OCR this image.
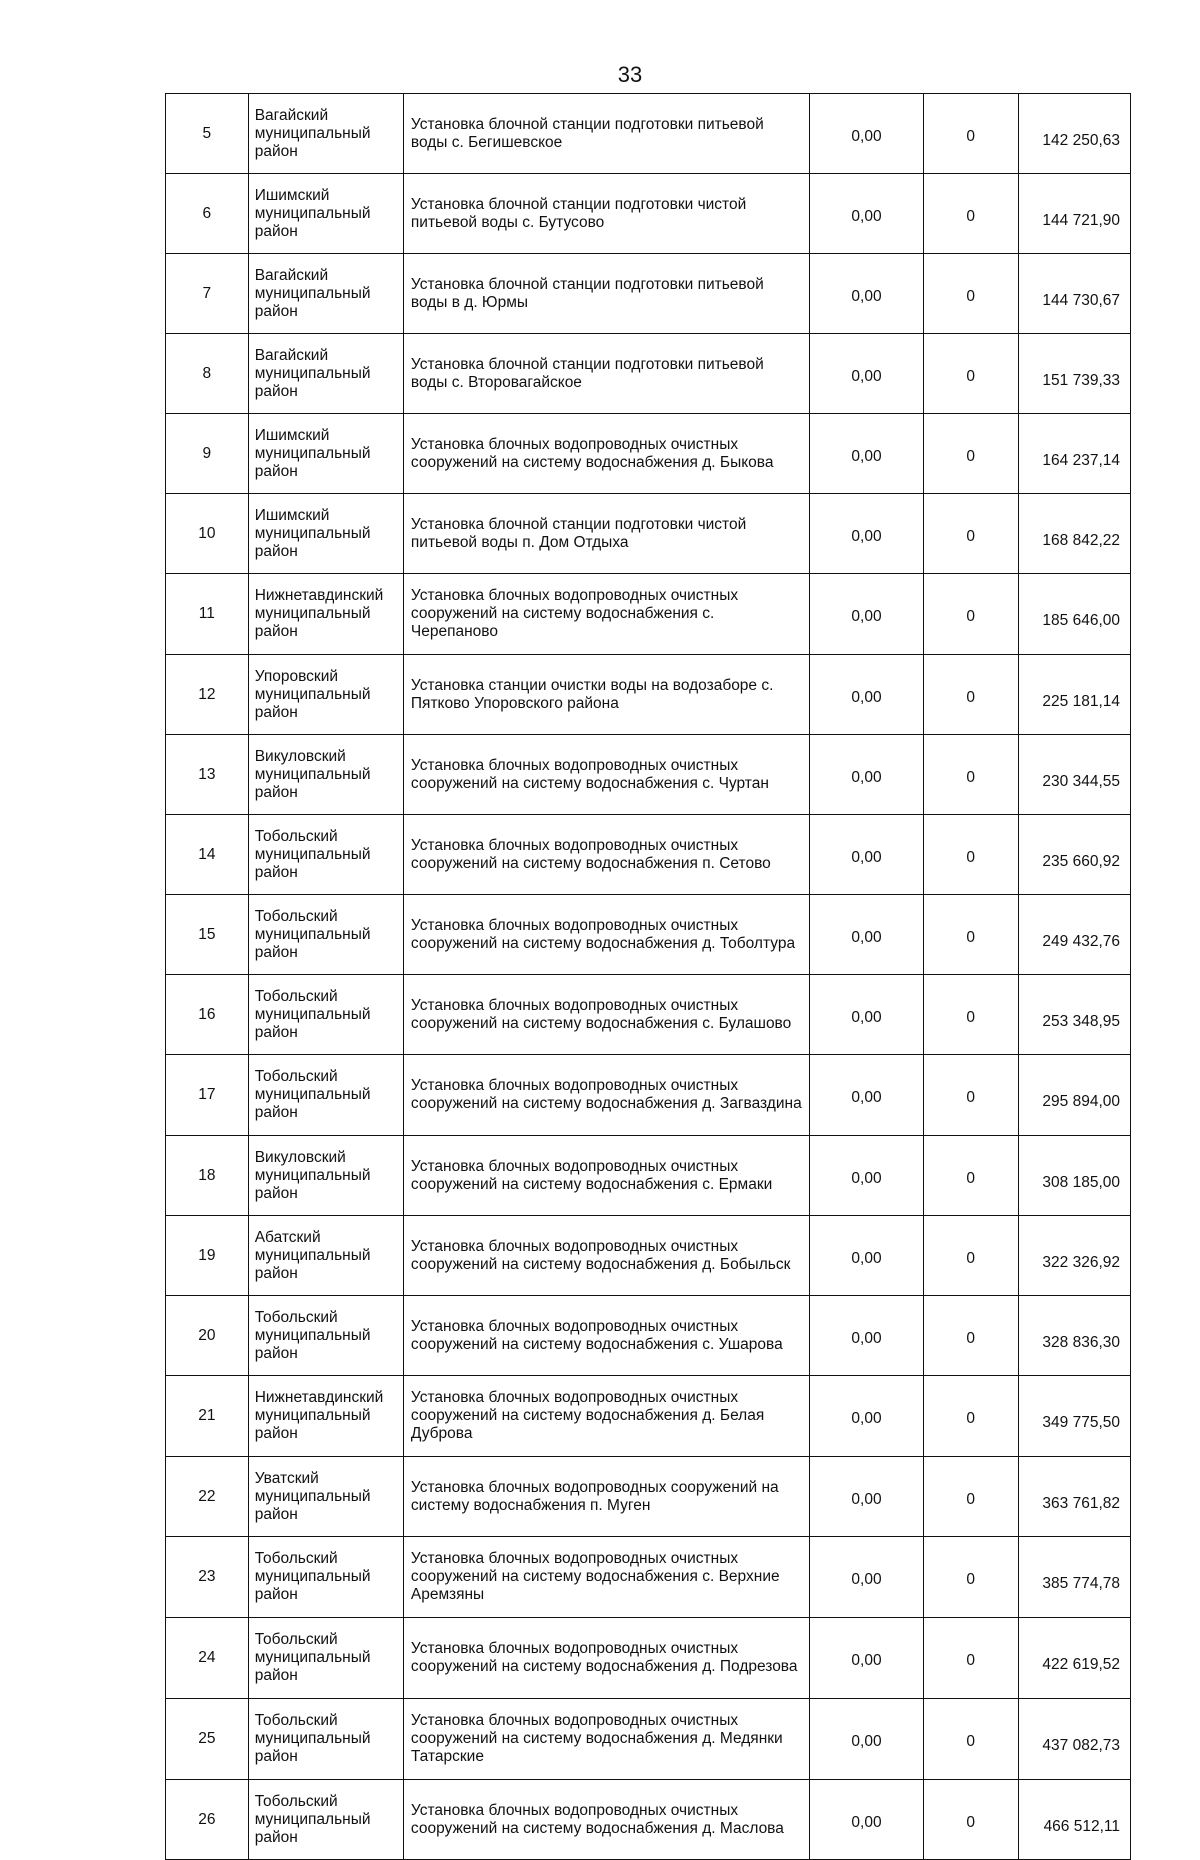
33
5	Вагайский муниципальный район	Установка блочной станции подготовки питьевой воды с. Бегишевское	0,00	0	142 250,63
6	Ишимский муниципальный район	Установка блочной станции подготовки чистой питьевой воды с. Бутусово	0,00	0	144 721,90
7	Вагайский муниципальный район	Установка блочной станции подготовки питьевой воды в д. Юрмы	0,00	0	144 730,67
8	Вагайский муниципальный район	Установка блочной станции подготовки питьевой воды с. Второвагайское	0,00	0	151 739,33
9	Ишимский муниципальный район	Установка блочных водопроводных очистных сооружений на систему водоснабжения д. Быкова	0,00	0	164 237,14
10	Ишимский муниципальный район	Установка блочной станции подготовки чистой питьевой воды п. Дом Отдыха	0,00	0	168 842,22
11	Нижнетавдинский муниципальный район	Установка блочных водопроводных очистных сооружений на систему водоснабжения с. Черепаново	0,00	0	185 646,00
12	Упоровский муниципальный район	Установка станции очистки воды на водозаборе с. Пятково Упоровского района	0,00	0	225 181,14
13	Викуловский муниципальный район	Установка блочных водопроводных очистных сооружений на систему водоснабжения с. Чуртан	0,00	0	230 344,55
14	Тобольский муниципальный район	Установка блочных водопроводных очистных сооружений на систему водоснабжения п. Сетово	0,00	0	235 660,92
15	Тобольский муниципальный район	Установка блочных водопроводных очистных сооружений на систему водоснабжения д. Тоболтура	0,00	0	249 432,76
16	Тобольский муниципальный район	Установка блочных водопроводных очистных сооружений на систему водоснабжения с. Булашово	0,00	0	253 348,95
17	Тобольский муниципальный район	Установка блочных водопроводных очистных сооружений на систему водоснабжения д. Загваздина	0,00	0	295 894,00
18	Викуловский муниципальный район	Установка блочных водопроводных очистных сооружений на систему водоснабжения с. Ермаки	0,00	0	308 185,00
19	Абатский муниципальный район	Установка блочных водопроводных очистных сооружений на систему водоснабжения д. Бобыльск	0,00	0	322 326,92
20	Тобольский муниципальный район	Установка блочных водопроводных очистных сооружений на систему водоснабжения с. Ушарова	0,00	0	328 836,30
21	Нижнетавдинский муниципальный район	Установка блочных водопроводных очистных сооружений на систему водоснабжения д. Белая Дуброва	0,00	0	349 775,50
22	Уватский муниципальный район	Установка блочных водопроводных сооружений на систему водоснабжения п. Муген	0,00	0	363 761,82
23	Тобольский муниципальный район	Установка блочных водопроводных очистных сооружений на систему водоснабжения с. Верхние Аремзяны	0,00	0	385 774,78
24	Тобольский муниципальный район	Установка блочных водопроводных очистных сооружений на систему водоснабжения д. Подрезова	0,00	0	422 619,52
25	Тобольский муниципальный район	Установка блочных водопроводных очистных сооружений на систему водоснабжения д. Медянки Татарские	0,00	0	437 082,73
26	Тобольский муниципальный район	Установка блочных водопроводных очистных сооружений на систему водоснабжения д. Маслова	0,00	0	466 512,11
